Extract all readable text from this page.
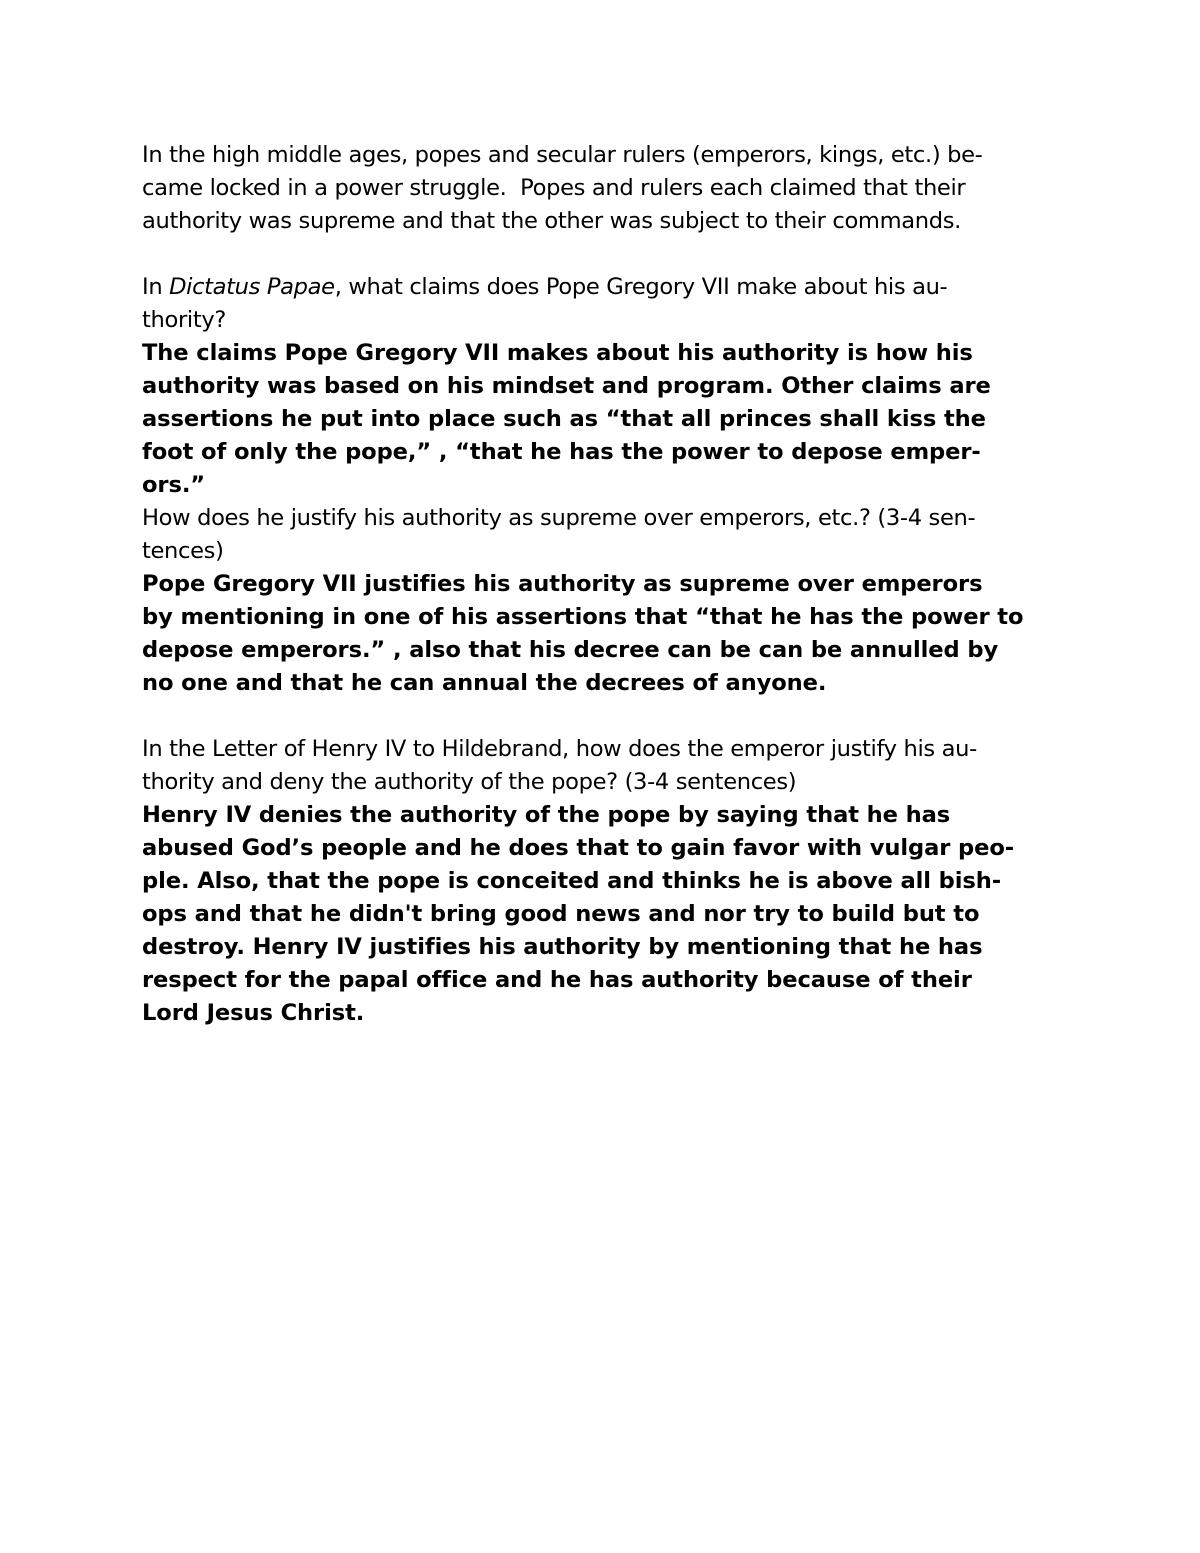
In the high middle ages, popes and secular rulers (emperors, kings, etc.) be-
came locked in a power struggle.  Popes and rulers each claimed that their
authority was supreme and that the other was subject to their commands.
In Dictatus Papae, what claims does Pope Gregory VII make about his au-
thority?
The claims Pope Gregory VII makes about his authority is how his
authority was based on his mindset and program. Other claims are
assertions he put into place such as “that all princes shall kiss the
foot of only the pope,” , “that he has the power to depose emper-
ors.”
How does he justify his authority as supreme over emperors, etc.? (3-4 sen-
tences)
Pope Gregory VII justifies his authority as supreme over emperors
by mentioning in one of his assertions that “that he has the power to
depose emperors.” , also that his decree can be can be annulled by
no one and that he can annual the decrees of anyone.
In the Letter of Henry IV to Hildebrand, how does the emperor justify his au-
thority and deny the authority of the pope? (3-4 sentences)
Henry IV denies the authority of the pope by saying that he has
abused God’s people and he does that to gain favor with vulgar peo-
ple. Also, that the pope is conceited and thinks he is above all bish-
ops and that he didn't bring good news and nor try to build but to
destroy. Henry IV justifies his authority by mentioning that he has
respect for the papal office and he has authority because of their
Lord Jesus Christ.
